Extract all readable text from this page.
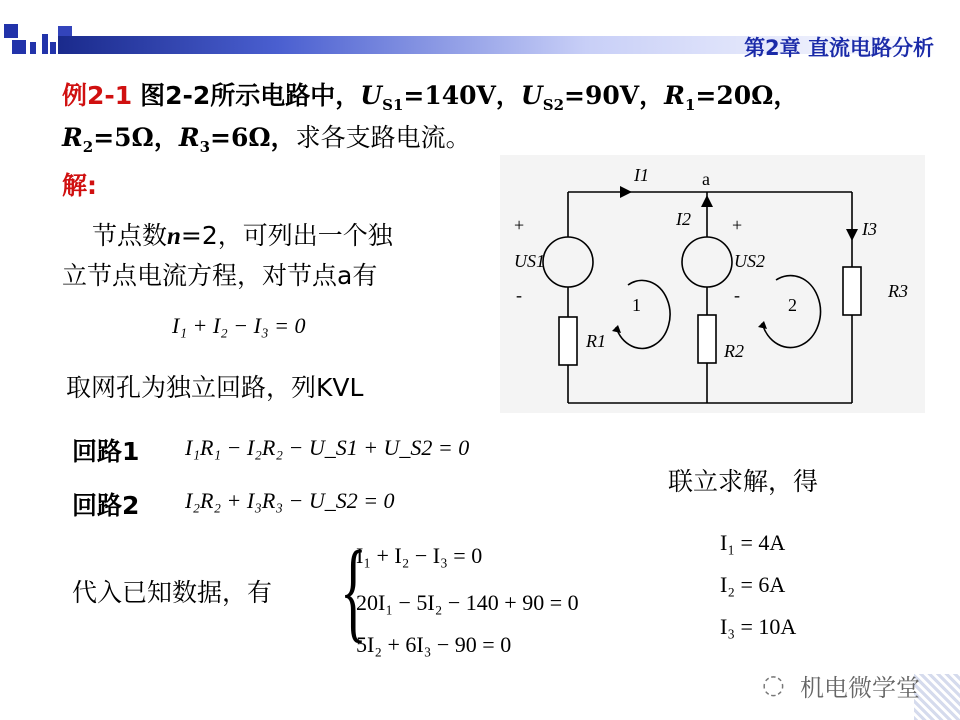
第2章 直流电路分析
例2-1 图2-2所示电路中，$U_{S1}=140V$，$U_{S2}=90V$，$R_1=20\Omega$，
$R_2=5\Omega$，$R_3=6\Omega$，求各支路电流。
解:
节点数n=2，可列出一个独
立节点电流方程，对节点a有
I₁ + I₂ − I₃ = 0
取网孔为独立回路，列KVL
回路1 I₁R₁ − I₂R₂ − U_S1 + U_S2 = 0
回路2 I₂R₂ + I₃R₃ − U_S2 = 0
代入已知数据，有 {
I₁ + I₂ − I₃ = 0
20I₁ − 5I₂ − 140 + 90 = 0
5I₂ + 6I₃ − 90 = 0
联立求解，得
I₁ = 4A
I₂ = 6A
I₃ = 10A
I1
I2	I3
US1	US2
R1	R2
R3
a
+
-
+
-
1	2
◌ 机电微学堂
